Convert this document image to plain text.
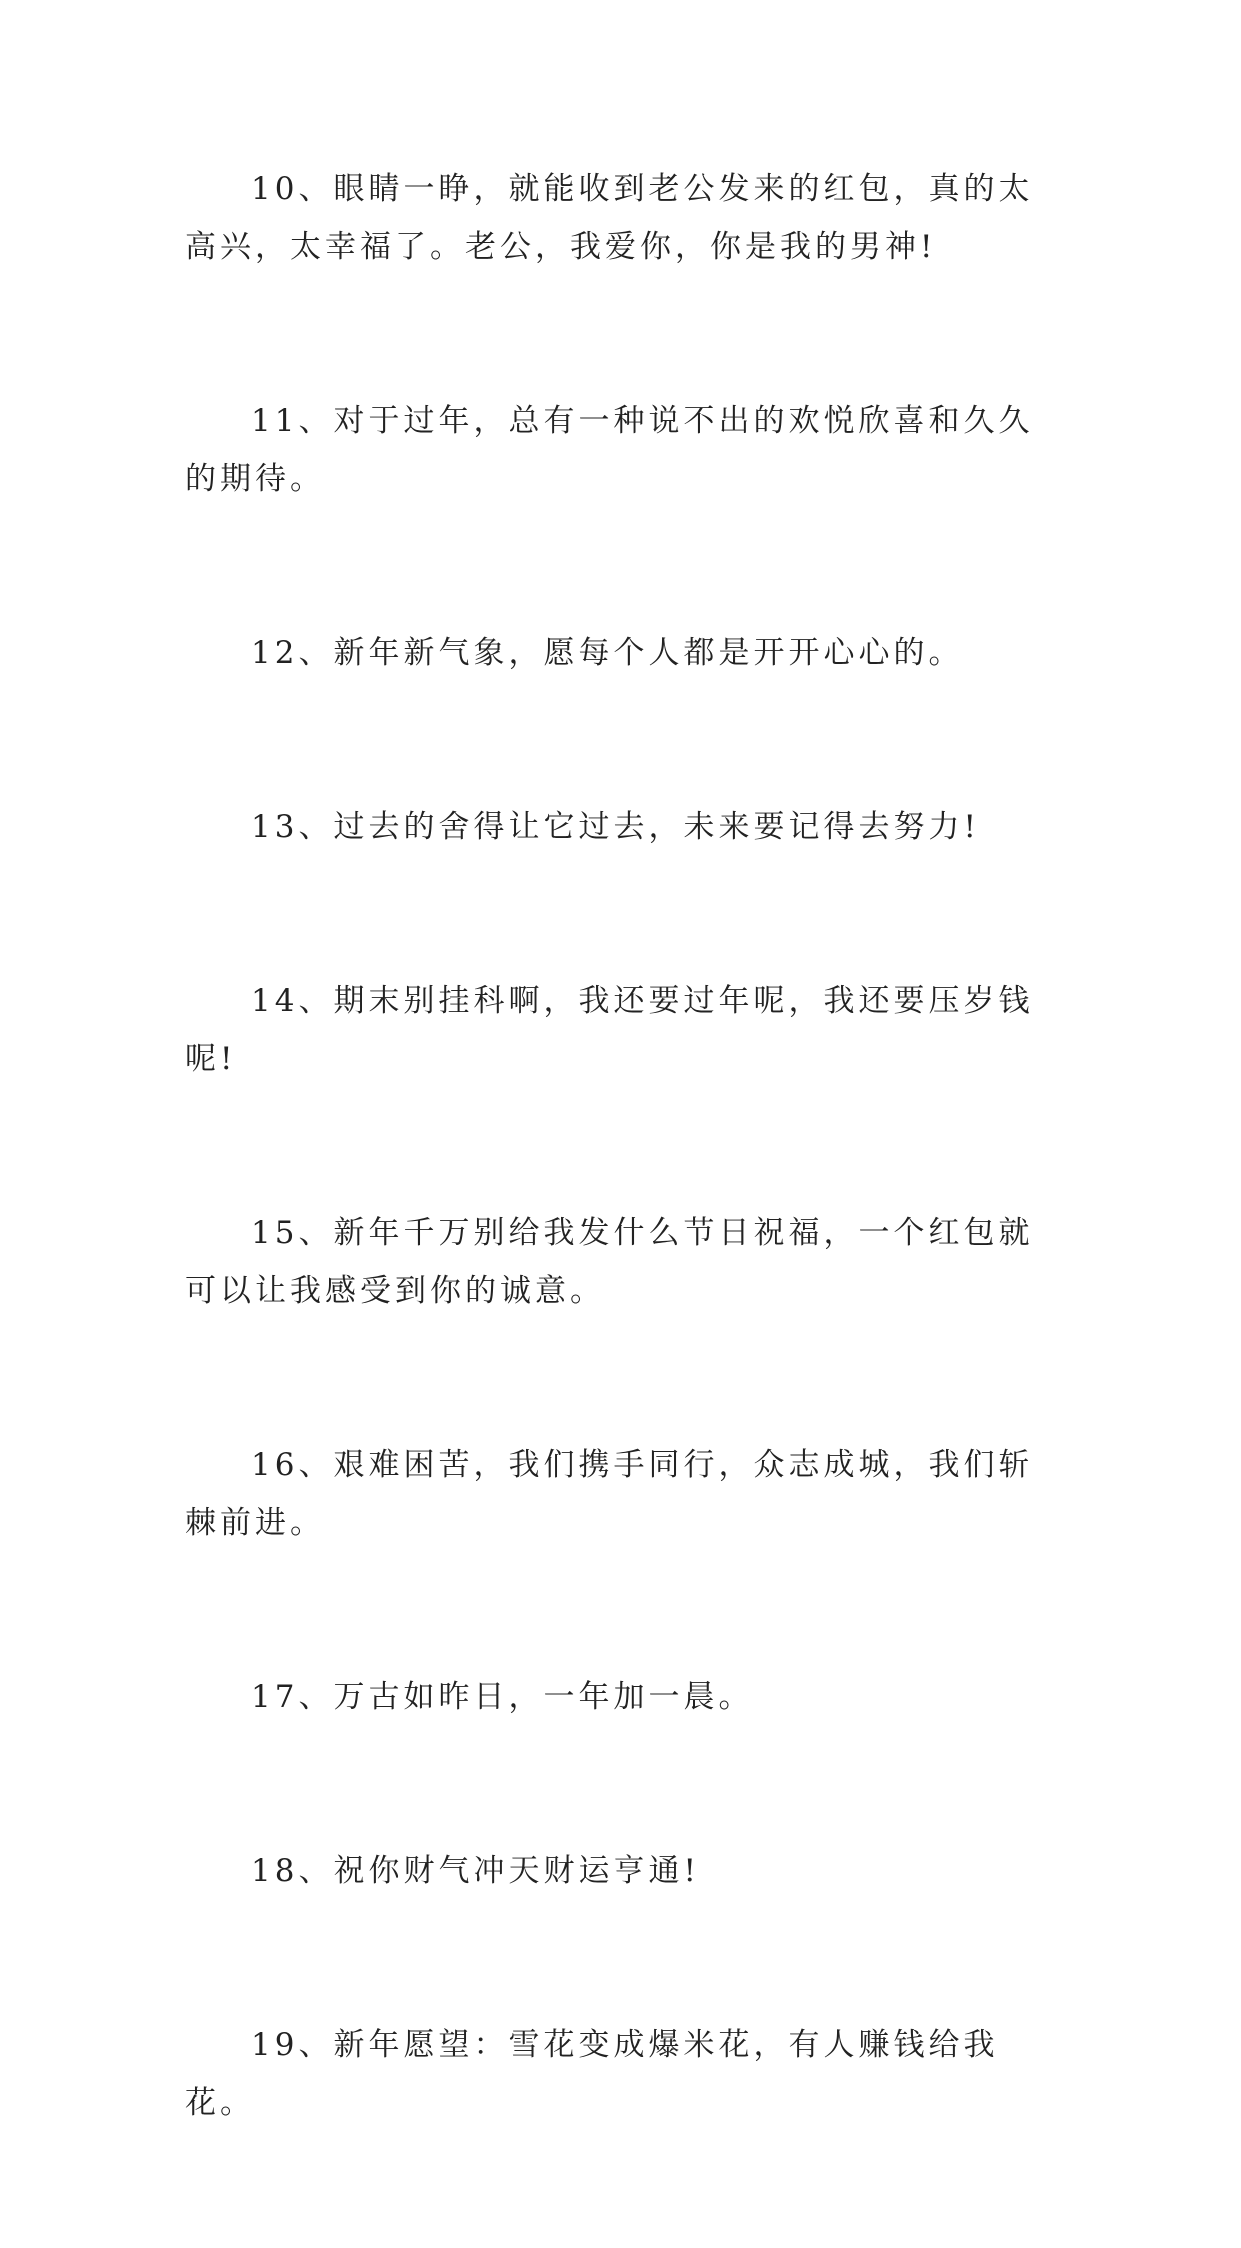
10、眼睛一睁，就能收到老公发来的红包，真的太高兴，太幸福了。老公，我爱你，你是我的男神!

11、对于过年，总有一种说不出的欢悦欣喜和久久的期待。

12、新年新气象，愿每个人都是开开心心的。

13、过去的舍得让它过去，未来要记得去努力!

14、期末别挂科啊，我还要过年呢，我还要压岁钱呢!

15、新年千万别给我发什么节日祝福，一个红包就可以让我感受到你的诚意。

16、艰难困苦，我们携手同行，众志成城，我们斩棘前进。

17、万古如昨日，一年加一晨。

18、祝你财气冲天财运亨通!

19、新年愿望：雪花变成爆米花，有人赚钱给我花。
